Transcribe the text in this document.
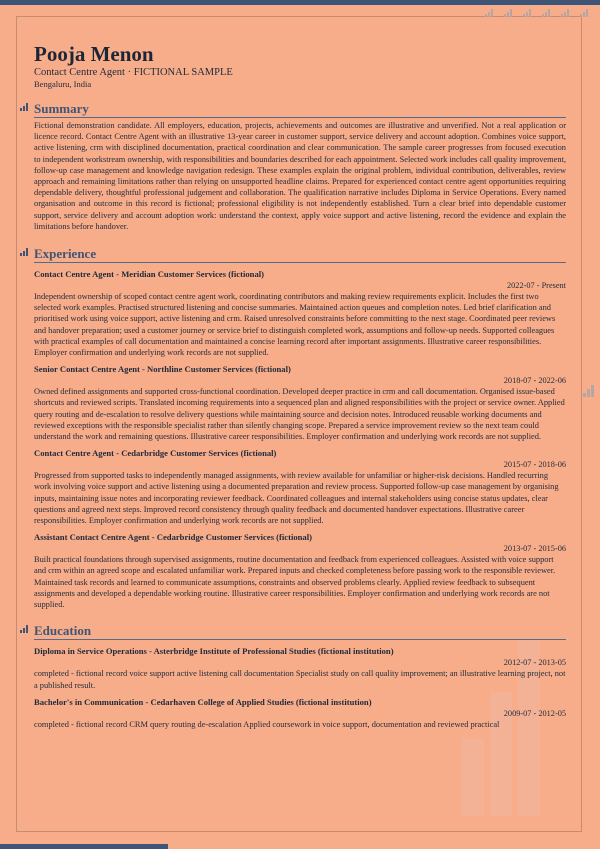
Pooja Menon
Contact Centre Agent · FICTIONAL SAMPLE
Bengaluru, India
Summary
Fictional demonstration candidate. All employers, education, projects, achievements and outcomes are illustrative and unverified. Not a real application or licence record. Contact Centre Agent with an illustrative 13-year career in customer support, service delivery and account adoption. Combines voice support, active listening, crm with disciplined documentation, practical coordination and clear communication. The sample career progresses from focused execution to independent workstream ownership, with responsibilities and boundaries described for each appointment. Selected work includes call quality improvement, follow-up case management and knowledge navigation redesign. These examples explain the original problem, individual contribution, deliverables, review approach and remaining limitations rather than relying on unsupported headline claims. Prepared for experienced contact centre agent opportunities requiring dependable delivery, thoughtful professional judgement and collaboration. The qualification narrative includes Diploma in Service Operations. Every named organisation and outcome in this record is fictional; professional eligibility is not independently established. Turn a clear brief into dependable customer support, service delivery and account adoption work: understand the context, apply voice support and active listening, record the evidence and explain the limitations before handover.
Experience
Contact Centre Agent - Meridian Customer Services (fictional)
2022-07 - Present
Independent ownership of scoped contact centre agent work, coordinating contributors and making review requirements explicit. Includes the first two selected work examples. Practised structured listening and concise summaries. Maintained action queues and completion notes. Led brief clarification and prioritised work using voice support, active listening and crm. Raised unresolved constraints before committing to the next stage. Coordinated peer reviews and handover preparation; used a customer journey or service brief to distinguish completed work, assumptions and follow-up needs. Supported colleagues with practical examples of call documentation and maintained a concise learning record after important assignments. Illustrative career responsibilities. Employer confirmation and underlying work records are not supplied.
Senior Contact Centre Agent - Northline Customer Services (fictional)
2018-07 - 2022-06
Owned defined assignments and supported cross-functional coordination. Developed deeper practice in crm and call documentation. Organised issue-based shortcuts and reviewed scripts. Translated incoming requirements into a sequenced plan and aligned responsibilities with the project or service owner. Applied query routing and de-escalation to resolve delivery questions while maintaining source and decision notes. Introduced reusable working documents and reviewed exceptions with the responsible specialist rather than silently changing scope. Prepared a service improvement review so the next team could understand the work and remaining questions. Illustrative career responsibilities. Employer confirmation and underlying work records are not supplied.
Contact Centre Agent - Cedarbridge Customer Services (fictional)
2015-07 - 2018-06
Progressed from supported tasks to independently managed assignments, with review available for unfamiliar or higher-risk decisions. Handled recurring work involving voice support and active listening using a documented preparation and review process. Supported follow-up case management by organising inputs, maintaining issue notes and incorporating reviewer feedback. Coordinated colleagues and internal stakeholders using concise status updates, clear questions and agreed next steps. Improved record consistency through quality feedback and documented handover expectations. Illustrative career responsibilities. Employer confirmation and underlying work records are not supplied.
Assistant Contact Centre Agent - Cedarbridge Customer Services (fictional)
2013-07 - 2015-06
Built practical foundations through supervised assignments, routine documentation and feedback from experienced colleagues. Assisted with voice support and crm within an agreed scope and escalated unfamiliar work. Prepared inputs and checked completeness before passing work to the responsible reviewer. Maintained task records and learned to communicate assumptions, constraints and observed problems clearly. Applied review feedback to subsequent assignments and developed a dependable working routine. Illustrative career responsibilities. Employer confirmation and underlying work records are not supplied.
Education
Diploma in Service Operations - Asterbridge Institute of Professional Studies (fictional institution)
2012-07 - 2013-05
completed - fictional record voice support active listening call documentation Specialist study on call quality improvement; an illustrative learning project, not a published result.
Bachelor's in Communication - Cedarhaven College of Applied Studies (fictional institution)
2009-07 - 2012-05
completed - fictional record CRM query routing de-escalation Applied coursework in voice support, documentation and reviewed practical
